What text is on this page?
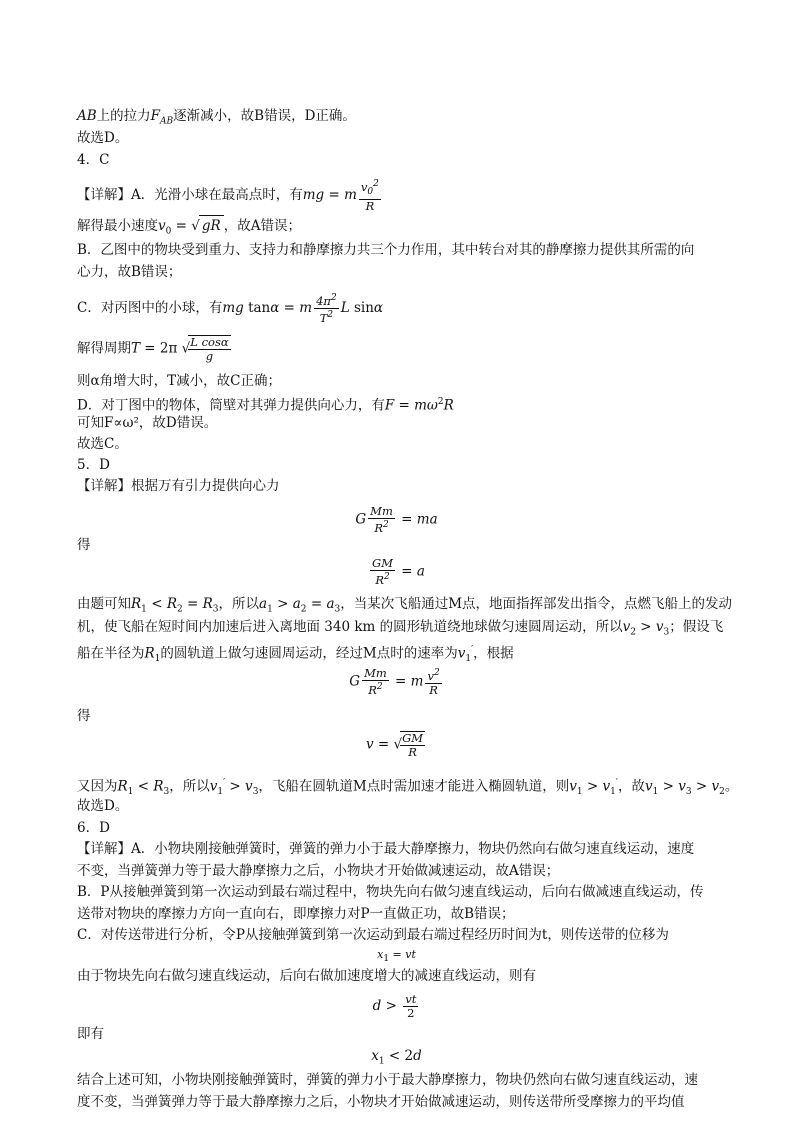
AB上的拉力$F_{AB}$逐渐减小，故B错误，D正确。
故选D。
4．C
【详解】A．光滑小球在最高点时，有mg = m $\frac{v_0^2}{R}$
解得最小速度$v_0$ = √ gR ，故A错误；
B．乙图中的物块受到重力、支持力和静摩擦力共三个力作用，其中转台对其的静摩擦力提供其所需的向
心力，故B错误；
C．对丙图中的小球，有mg tanα = m $\frac{4\pi^2}{T^2}$ L sinα
解得周期T = 2π √
$\frac{\text{L cosα}}{g}$
则α角增大时，T减小，故C正确；
D．对丁图中的物体，筒壁对其弹力提供向心力，有$F = m\omega^2R$
可知F∝ω²，故D错误。
故选C。
5．D
【详解】根据万有引力提供向心力
G $\frac{Mm}{R^2}$ = ma
得
$\frac{GM}{R^2} = a$
由题可知$R_1 < R_2 = R_3$，所以$a_1 > a_2 = a_3$，当某次飞船通过M点，地面指挥部发出指令，点燃飞船上的发动
机，使飞船在短时间内加速后进入离地面 340 km 的圆形轨道绕地球做匀速圆周运动，所以$v_2 > v_3$；假设飞
船在半径为$R_1$的圆轨道上做匀速圆周运动，经过M点时的速率为$v_1'$，根据
G $\frac{Mm}{R^2} = m \frac{v^2}{R}$
得
v = √
$\frac{GM}{R}$
又因为$R_1 < R_3$，所以$v_1' > v_3$，飞船在圆轨道M点时需加速才能进入椭圆轨道，则$v_1 > v_1'$，故$v_1 > v_3 > v_2$。
故选D。
6．D
【详解】A．小物块刚接触弹簧时，弹簧的弹力小于最大静摩擦力，物块仍然向右做匀速直线运动，速度
不变，当弹簧弹力等于最大静摩擦力之后，小物块才开始做减速运动，故A错误；
B．P从接触弹簧到第一次运动到最右端过程中，物块先向右做匀速直线运动，后向右做减速直线运动，传
送带对物块的摩擦力方向一直向右，即摩擦力对P一直做正功，故B错误；
C．对传送带进行分析，令P从接触弹簧到第一次运动到最右端过程经历时间为t，则传送带的位移为
$x_1$ = vt
由于物块先向右做匀速直线运动，后向右做加速度增大的减速直线运动，则有
$d > \frac{vt}{2}$
即有
$x_1 < 2d$
结合上述可知，小物块刚接触弹簧时，弹簧的弹力小于最大静摩擦力，物块仍然向右做匀速直线运动，速
度不变，当弹簧弹力等于最大静摩擦力之后，小物块才开始做减速运动，则传送带所受摩擦力的平均值
